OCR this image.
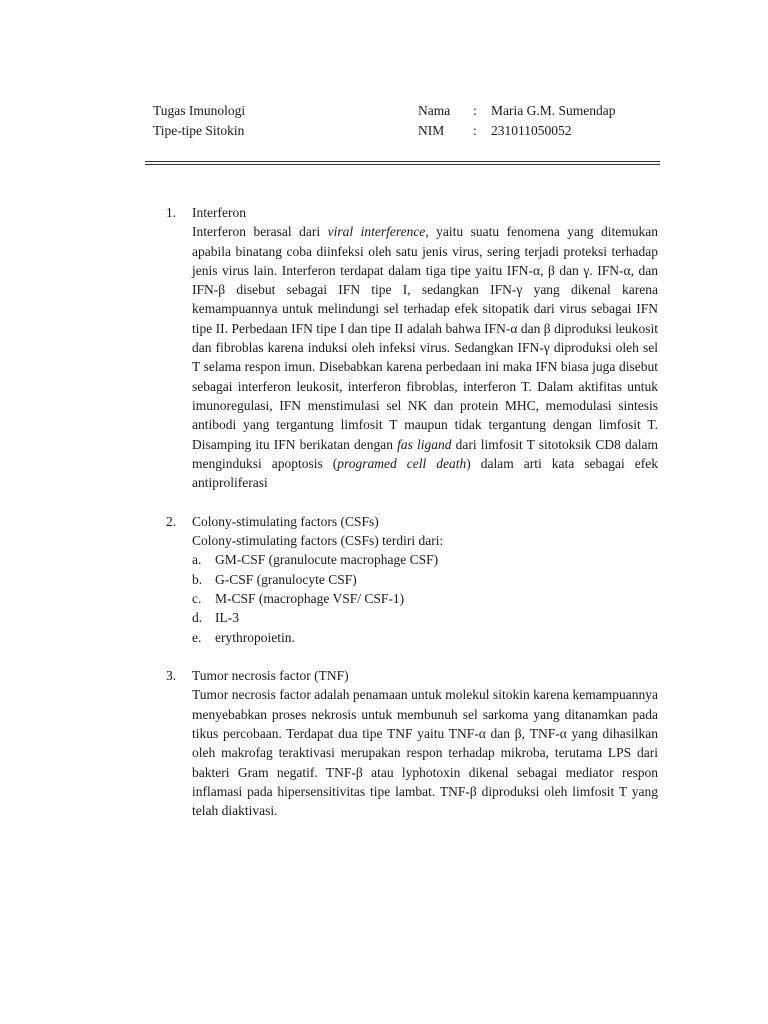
Tugas Imunologi	Nama	:	Maria G.M. Sumendap
Tipe-tipe Sitokin	NIM	:	231011050052
1.	Interferon
Interferon berasal dari viral interference, yaitu suatu fenomena yang ditemukan apabila binatang coba diinfeksi oleh satu jenis virus, sering terjadi proteksi terhadap jenis virus lain. Interferon terdapat dalam tiga tipe yaitu IFN-α, β dan γ. IFN-α, dan IFN-β disebut sebagai IFN tipe I, sedangkan IFN-γ yang dikenal karena kemampuannya untuk melindungi sel terhadap efek sitopatik dari virus sebagai IFN tipe II. Perbedaan IFN tipe I dan tipe II adalah bahwa IFN-α dan β diproduksi leukosit dan fibroblas karena induksi oleh infeksi virus. Sedangkan IFN-γ diproduksi oleh sel T selama respon imun. Disebabkan karena perbedaan ini maka IFN biasa juga disebut sebagai interferon leukosit, interferon fibroblas, interferon T. Dalam aktifitas untuk imunoregulasi, IFN menstimulasi sel NK dan protein MHC, memodulasi sintesis antibodi yang tergantung limfosit T maupun tidak tergantung dengan limfosit T. Disamping itu IFN berikatan dengan fas ligand dari limfosit T sitotoksik CD8 dalam menginduksi apoptosis (programed cell death) dalam arti kata sebagai efek antiproliferasi
2.	Colony-stimulating factors (CSFs)
Colony-stimulating factors (CSFs) terdiri dari:
a.	GM-CSF (granulocute macrophage CSF)
b. G-CSF (granulocyte CSF)
c.	M-CSF (macrophage VSF/ CSF-1)
d. IL-3
e.	erythropoietin.
3.	Tumor necrosis factor (TNF)
Tumor necrosis factor adalah penamaan untuk molekul sitokin karena kemampuannya menyebabkan proses nekrosis untuk membunuh sel sarkoma yang ditanamkan pada tikus percobaan. Terdapat dua tipe TNF yaitu TNF-α dan β, TNF-α yang dihasilkan oleh makrofag teraktivasi merupakan respon terhadap mikroba, terutama LPS dari bakteri Gram negatif. TNF-β atau lyphotoxin dikenal sebagai mediator respon inflamasi pada hipersensitivitas tipe lambat. TNF-β diproduksi oleh limfosit T yang telah diaktivasi.
